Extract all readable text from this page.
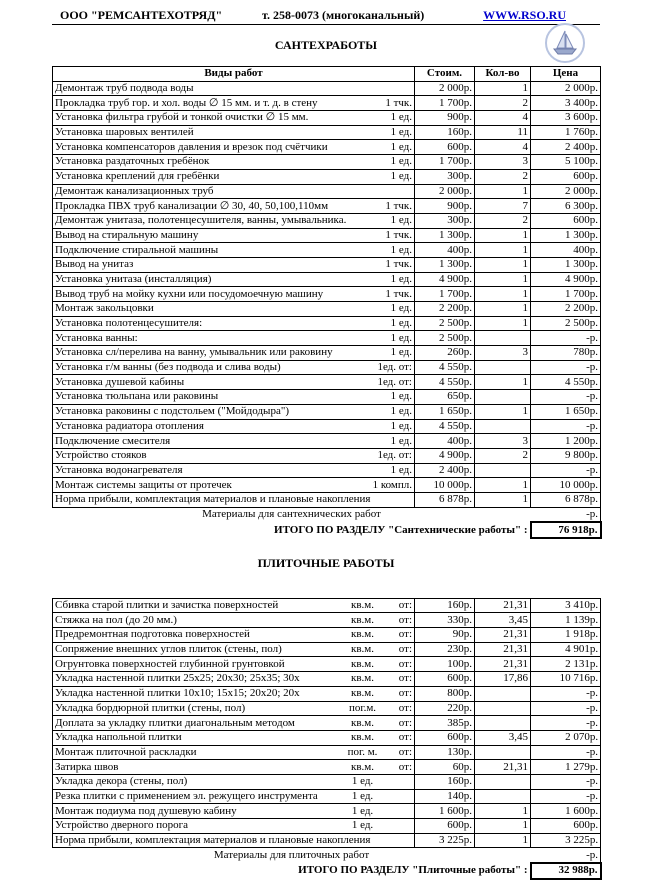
ООО "РЕМСАНТЕХОТРЯД"	т. 258-0073 (многоканальный)	WWW.RSO.RU
САНТЕХРАБОТЫ
Виды работ		Стоим.	Кол-во	Цена
Демонтаж труб подвода воды		2 000р.	1	2 000р.
Прокладка труб гор. и хол. воды ∅ 15 мм. и т. д. в стену	1 тчк.	1 700р.	2	3 400р.
Установка фильтра грубой и тонкой очистки ∅ 15 мм.	1 ед.	900р.	4	3 600р.
Установка шаровых вентилей	1 ед.	160р.	11	1 760р.
Установка компенсаторов давления и врезок под счётчики	1 ед.	600р.	4	2 400р.
Установка раздаточных гребёнок	1 ед.	1 700р.	3	5 100р.
Установка креплений для гребёнки	1 ед.	300р.	2	600р.
Демонтаж канализационных труб		2 000р.	1	2 000р.
Прокладка ПВХ труб канализации ∅ 30, 40, 50,100,110мм	1 тчк.	900р.	7	6 300р.
Демонтаж унитаза, полотенцесушителя, ванны, умывальника.	1 ед.	300р.	2	600р.
Вывод на стиральную машину	1 тчк.	1 300р.	1	1 300р.
Подключение стиральной машины	1 ед.	400р.	1	400р.
Вывод на унитаз	1 тчк.	1 300р.	1	1 300р.
Установка унитаза (инсталляция)	1 ед.	4 900р.	1	4 900р.
Вывод труб на мойку кухни или посудомоечную машину	1 тчк.	1 700р.	1	1 700р.
Монтаж закольцовки	1 ед.	2 200р.	1	2 200р.
Установка полотенцесушителя:	1 ед.	2 500р.	1	2 500р.
Установка ванны:	1 ед.	2 500р.		-р.
Установка сл/перелива на ванну, умывальник или раковину	1 ед.	260р.	3	780р.
Установка г/м ванны (без подвода и слива воды)	1ед. от:	4 550р.		-р.
Установка душевой кабины	1ед. от:	4 550р.	1	4 550р.
Установка тюльпана или раковины	1 ед.	650р.		-р.
Установка раковины с подстольем ("Мойдодыра")	1 ед.	1 650р.	1	1 650р.
Установка радиатора отопления	1 ед.	4 550р.		-р.
Подключение смесителя	1 ед.	400р.	3	1 200р.
Устройство стояков	1ед. от:	4 900р.	2	9 800р.
Установка водонагревателя	1 ед.	2 400р.		-р.
Монтаж системы защиты от протечек	1 компл.	10 000р.	1	10 000р.
Норма прибыли, комплектация материалов и плановые накопления		6 878р.	1	6 878р.
Материалы для сантехнических работ				-р.
ИТОГО ПО РАЗДЕЛУ "Сантехнические работы" :				76 918р.
ПЛИТОЧНЫЕ РАБОТЫ

Сбивка старой плитки и зачистка поверхностей	кв.м.	от:	160р.	21,31	3 410р.
Стяжка на пол (до 20 мм.)	кв.м.	от:	330р.	3,45	1 139р.
Предремонтная подготовка поверхностей	кв.м.	от:	90р.	21,31	1 918р.
Сопряжение внешних углов плиток (стены, пол)	кв.м.	от:	230р.	21,31	4 901р.
Огрунтовка поверхностей глубинной грунтовкой	кв.м.	от:	100р.	21,31	2 131р.
Укладка настенной плитки 25х25; 20х30; 25х35; 30х	кв.м.	от:	600р.	17,86	10 716р.
Укладка настенной плитки 10х10; 15х15; 20х20; 20х	кв.м.	от:	800р.		-р.
Укладка бордюрной плитки (стены, пол)	пог.м.	от:	220р.		-р.
Доплата за укладку плитки диагональным методом	кв.м.	от:	385р.		-р.
Укладка напольной плитки	кв.м.	от:	600р.	3,45	2 070р.
Монтаж плиточной раскладки	пог. м.	от:	130р.		-р.
Затирка швов	кв.м.	от:	60р.	21,31	1 279р.
Укладка декора (стены, пол)	1 ед.		160р.		-р.
Резка плитки с применением эл. режущего инструмента	1 ед.		140р.		-р.
Монтаж подиума под душевую кабину	1 ед.		1 600р.	1	1 600р.
Устройство дверного порога	1 ед.		600р.	1	600р.
Норма прибыли, комплектация материалов и плановые накопления			3 225р.	1	3 225р.
Материалы для плиточных работ					-р.
ИТОГО ПО РАЗДЕЛУ "Плиточные работы" :					32 988р.
